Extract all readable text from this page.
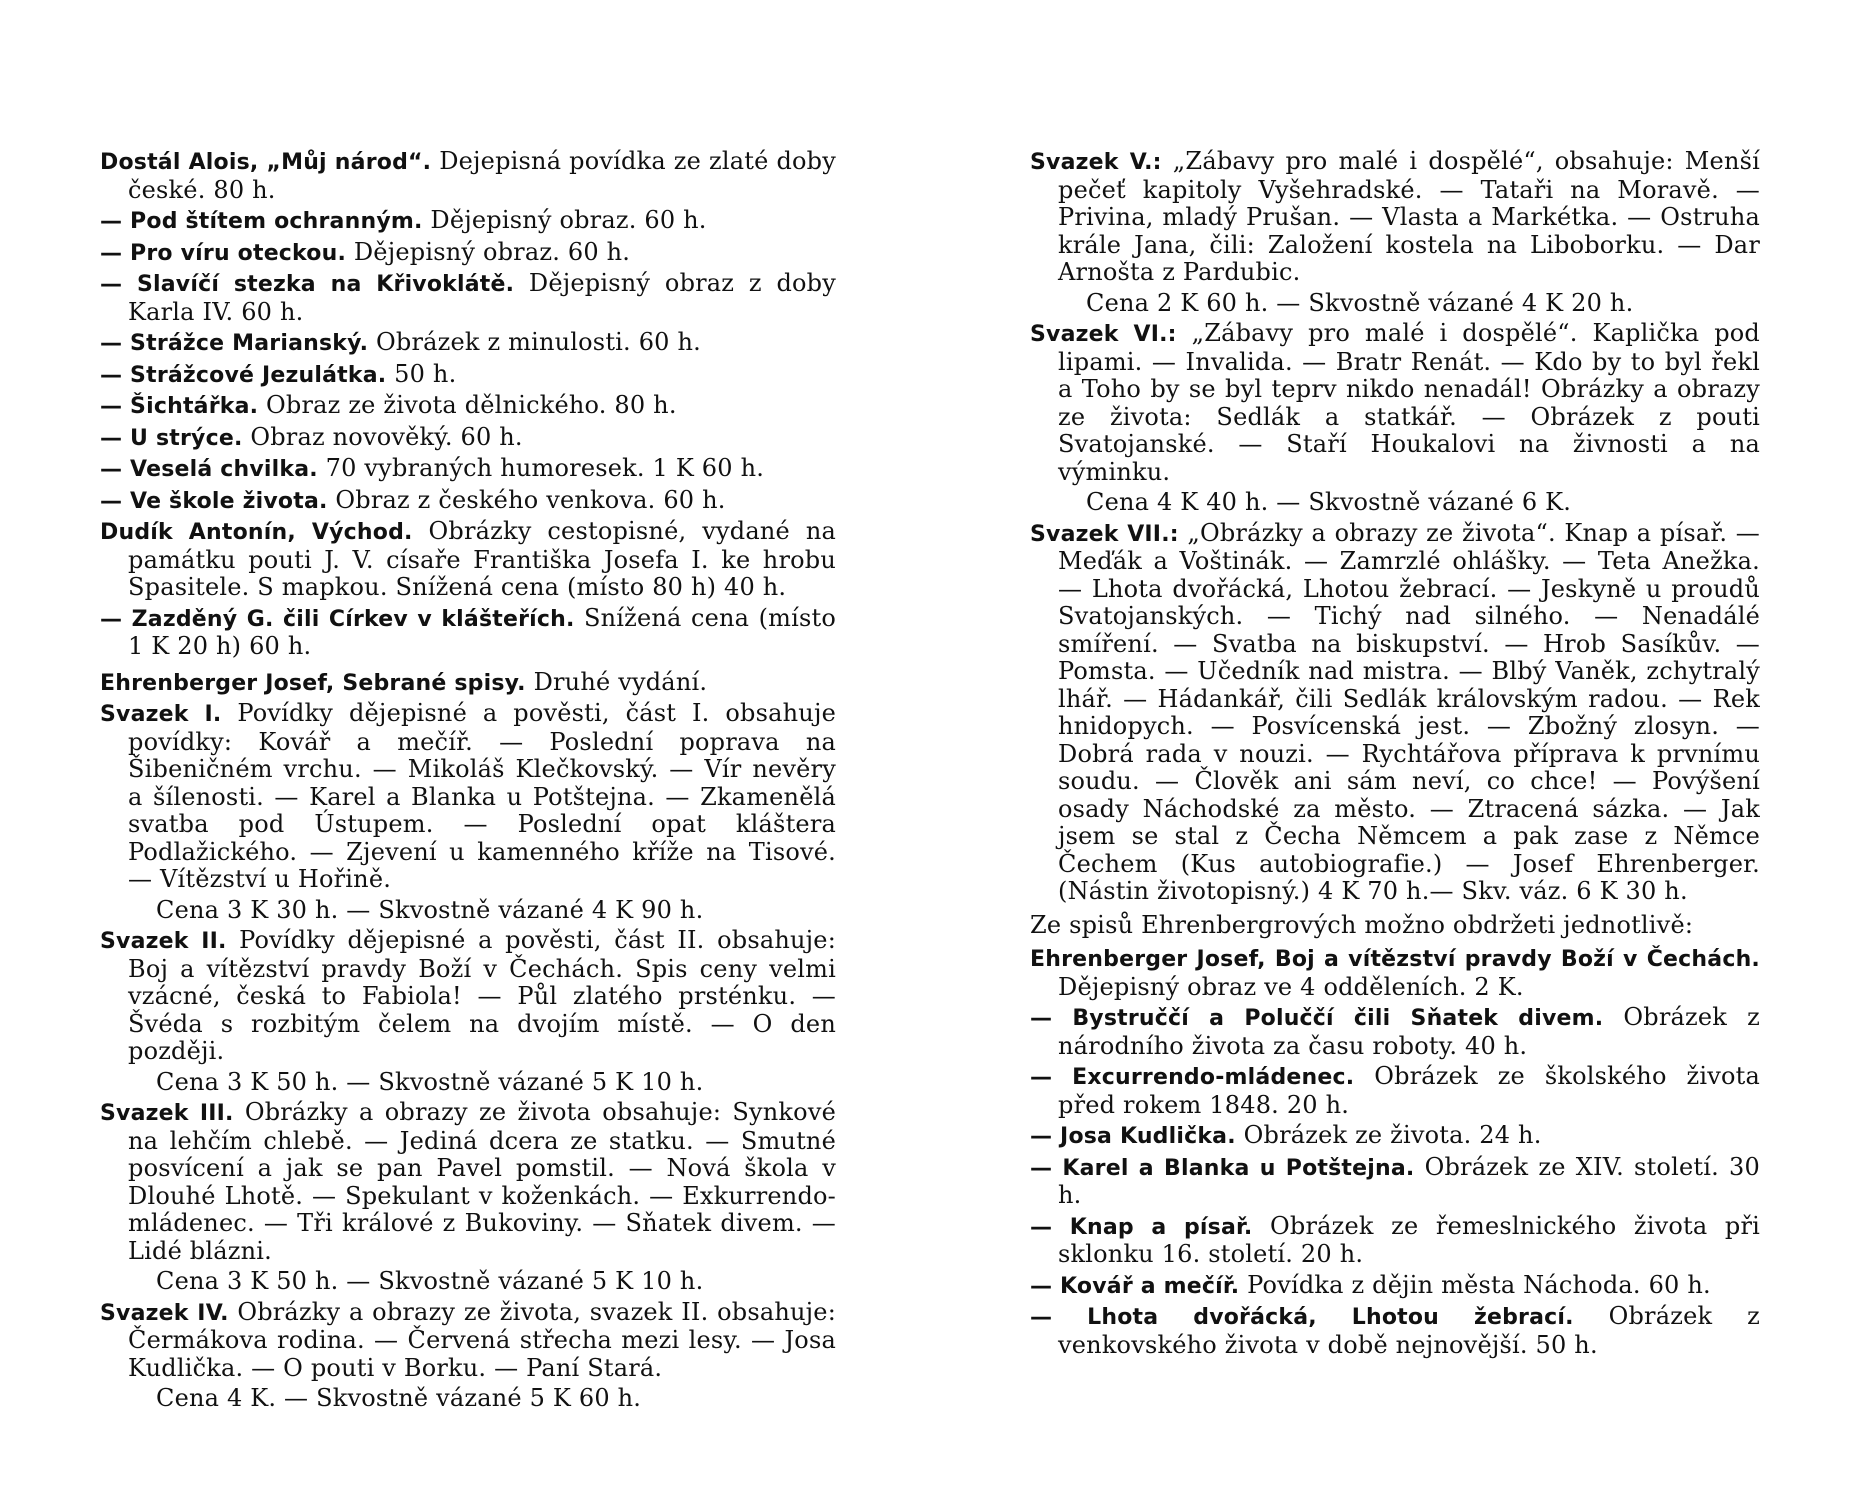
Dostál Alois, „Můj národ“. Dejepisná povídka ze zlaté doby české. 80 h.
— Pod štítem ochranným. Dějepisný obraz. 60 h.
— Pro víru oteckou. Dějepisný obraz. 60 h.
— Slavíčí stezka na Křivoklátě. Dějepisný obraz z doby Karla IV. 60 h.
— Strážce Marianský. Obrázek z minulosti. 60 h.
— Strážcové Jezulátka. 50 h.
— Šichtářka. Obraz ze života dělnického. 80 h.
— U strýce. Obraz novověký. 60 h.
— Veselá chvilka. 70 vybraných humoresek. 1 K 60 h.
— Ve škole života. Obraz z českého venkova. 60 h.
Dudík Antonín, Východ. Obrázky cestopisné, vydané na památku pouti J. V. císaře Františka Josefa I. ke hrobu Spasitele. S mapkou. Snížená cena (místo 80 h) 40 h.
— Zazděný G. čili Církev v klášteřích. Snížená cena (místo 1 K 20 h) 60 h.
Ehrenberger Josef, Sebrané spisy. Druhé vydání.
Svazek I. Povídky dějepisné a pověsti, část I. obsahuje povídky: Kovář a mečíř. — Poslední poprava na Šibeničném vrchu. — Mikoláš Klečkovský. — Vír nevěry a šílenosti. — Karel a Blanka u Potštejna. — Zkamenělá svatba pod Ústupem. — Poslední opat kláštera Podlažického. — Zjevení u kamenného kříže na Tisové. — Vítězství u Hořině.
Cena 3 K 30 h. — Skvostně vázané 4 K 90 h.
Svazek II. Povídky dějepisné a pověsti, část II. obsahuje: Boj a vítězství pravdy Boží v Čechách. Spis ceny velmi vzácné, česká to Fabiola! — Půl zlatého prsténku. — Švéda s rozbitým čelem na dvojím místě. — O den později.
Cena 3 K 50 h. — Skvostně vázané 5 K 10 h.
Svazek III. Obrázky a obrazy ze života obsahuje: Synkové na lehčím chlebě. — Jediná dcera ze statku. — Smutné posvícení a jak se pan Pavel pomstil. — Nová škola v Dlouhé Lhotě. — Spekulant v koženkách. — Exkurrendo-mládenec. — Tři králové z Bukoviny. — Sňatek divem. — Lidé blázni.
Cena 3 K 50 h. — Skvostně vázané 5 K 10 h.
Svazek IV. Obrázky a obrazy ze života, svazek II. obsahuje: Čermákova rodina. — Červená střecha mezi lesy. — Josa Kudlička. — O pouti v Borku. — Paní Stará.
Cena 4 K. — Skvostně vázané 5 K 60 h.
Svazek V.: „Zábavy pro malé i dospělé“, obsahuje: Menší pečeť kapitoly Vyšehradské. — Tataři na Moravě. — Privina, mladý Prušan. — Vlasta a Markétka. — Ostruha krále Jana, čili: Založení kostela na Liboborku. — Dar Arnošta z Pardubic.
Cena 2 K 60 h. — Skvostně vázané 4 K 20 h.
Svazek VI.: „Zábavy pro malé i dospělé“. Kaplička pod lipami. — Invalida. — Bratr Renát. — Kdo by to byl řekl a Toho by se byl teprv nikdo nenadál! Obrázky a obrazy ze života: Sedlák a statkář. — Obrázek z pouti Svatojanské. — Staří Houkalovi na živnosti a na výminku.
Cena 4 K 40 h. — Skvostně vázané 6 K.
Svazek VII.: „Obrázky a obrazy ze života“. Knap a písař. — Meďák a Voštinák. — Zamrzlé ohlášky. — Teta Anežka. — Lhota dvořácká, Lhotou žebrací. — Jeskyně u proudů Svatojanských. — Tichý nad silného. — Nenadálé smíření. — Svatba na biskupství. — Hrob Sasíkův. — Pomsta. — Učedník nad mistra. — Blbý Vaněk, zchytralý lhář. — Hádankář, čili Sedlák královským radou. — Rek hnidopych. — Posvícenská jest. — Zbožný zlosyn. — Dobrá rada v nouzi. — Rychtářova příprava k prvnímu soudu. — Člověk ani sám neví, co chce! — Povýšení osady Náchodské za město. — Ztracená sázka. — Jak jsem se stal z Čecha Němcem a pak zase z Němce Čechem (Kus autobiografie.) — Josef Ehrenberger. (Nástin životopisný.) 4 K 70 h.— Skv. váz. 6 K 30 h.
Ze spisů Ehrenbergrových možno obdržeti jednotlivě:
Ehrenberger Josef, Boj a vítězství pravdy Boží v Čechách. Dějepisný obraz ve 4 odděleních. 2 K.
— Bystruččí a Poluččí čili Sňatek divem. Obrázek z národního života za času roboty. 40 h.
— Excurrendo-mládenec. Obrázek ze školského života před rokem 1848. 20 h.
— Josa Kudlička. Obrázek ze života. 24 h.
— Karel a Blanka u Potštejna. Obrázek ze XIV. století. 30 h.
— Knap a písař. Obrázek ze řemeslnického života při sklonku 16. století. 20 h.
— Kovář a mečíř. Povídka z dějin města Náchoda. 60 h.
— Lhota dvořácká, Lhotou žebrací. Obrázek z venkovského života v době nejnovější. 50 h.
